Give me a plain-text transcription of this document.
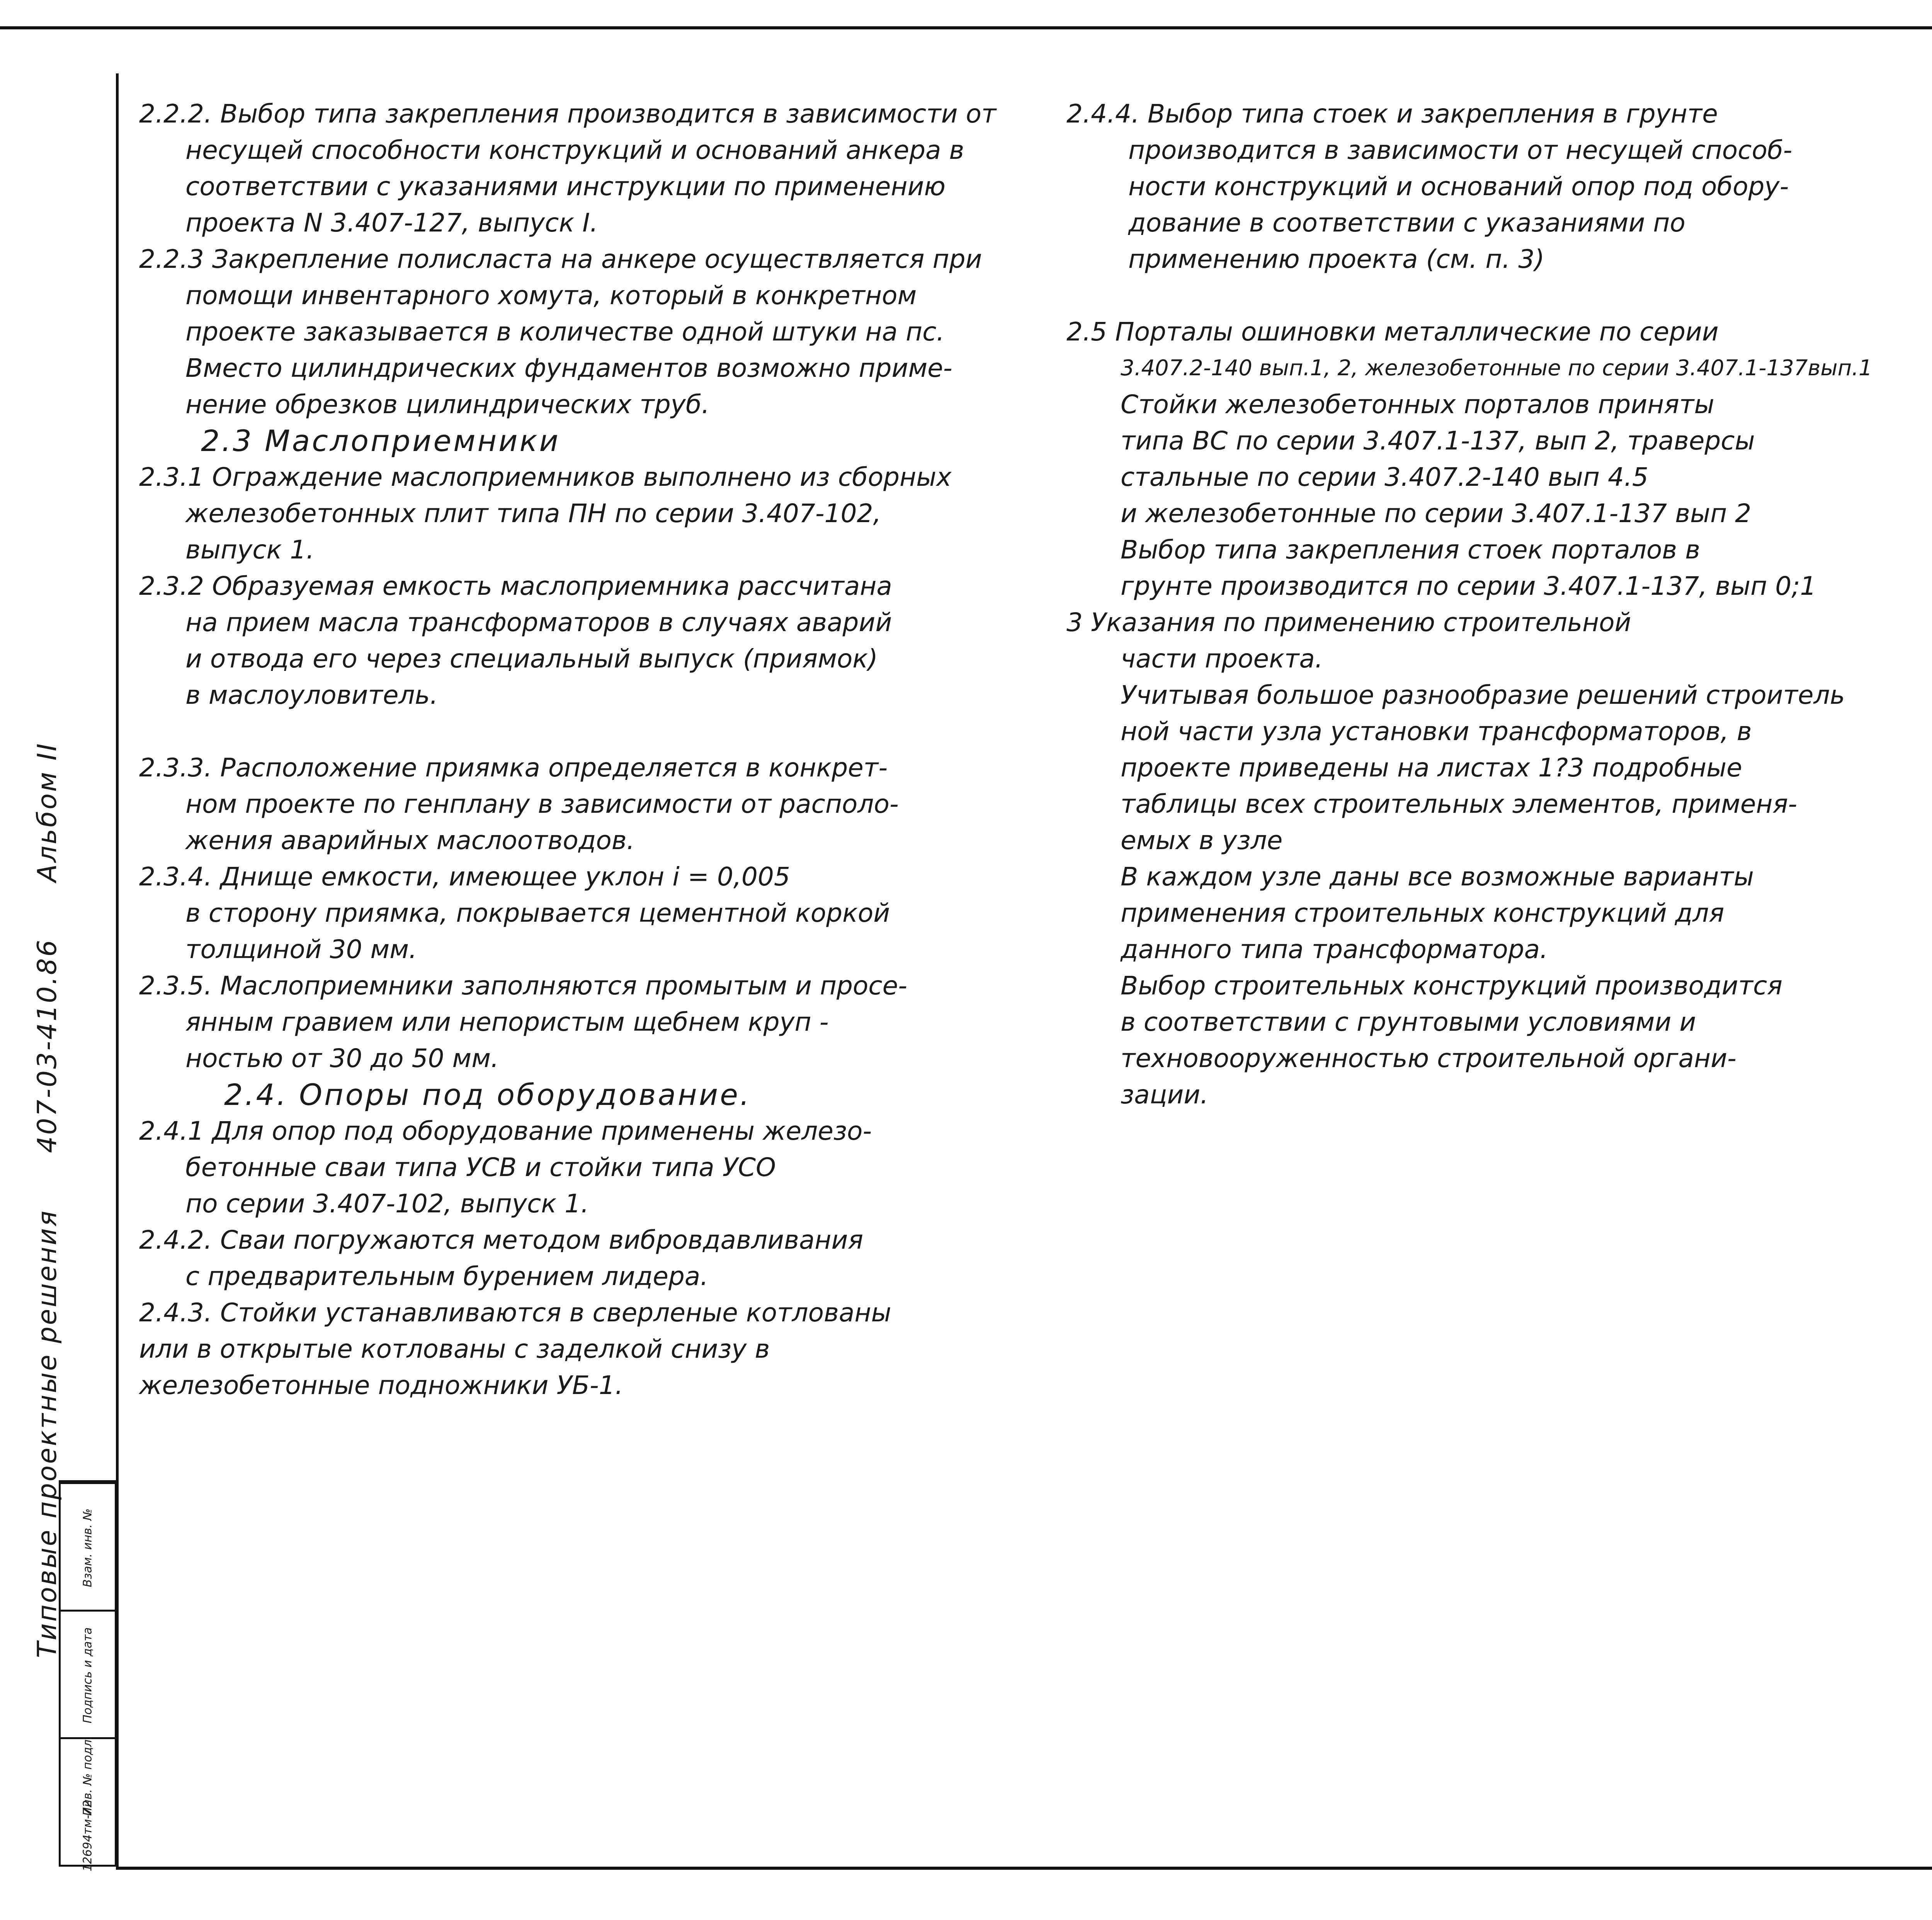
Типовые проектные решения 407-03-410.86 Альбом II
Взам. инв. №
Подпись и дата
Инв. № подл.
12694тм-72

2.2.2. Выбор типа закрепления производится в зависимости от

несущей способности конструкций и оснований анкера в

соответствии с указаниями инструкции по применению

проекта N 3.407-127, выпуск I.

2.2.3 Закрепление полисласта на анкере осуществляется при

помощи инвентарного хомута, который в конкретном

проекте заказывается в количестве одной штуки на пс.

Вместо цилиндрических фундаментов возможно приме-

нение обрезков цилиндрических труб.

2.3 Маслоприемники

2.3.1 Ограждение маслоприемников выполнено из сборных

железобетонных плит типа ПН по серии 3.407-102,

выпуск 1.

2.3.2 Образуемая емкость маслоприемника рассчитана

на прием масла трансформаторов в случаях аварий

и отвода его через специальный выпуск (приямок)

в маслоуловитель.

2.3.3. Расположение приямка определяется в конкрет-

ном проекте по генплану в зависимости от располо-

жения аварийных маслоотводов.

2.3.4. Днище емкости, имеющее уклон i = 0,005

в сторону приямка, покрывается цементной коркой

толщиной 30 мм.

2.3.5. Маслоприемники заполняются промытым и просе-

янным гравием или непористым щебнем круп -

ностью от 30 до 50 мм.

2.4. Опоры под оборудование.

2.4.1 Для опор под оборудование применены железо-

бетонные сваи типа УСВ и стойки типа УСО

по серии 3.407-102, выпуск 1.

2.4.2. Сваи погружаются методом вибровдавливания

с предварительным бурением лидера.

2.4.3. Стойки устанавливаются в сверленые котлованы

или в открытые котлованы с заделкой снизу в

железобетонные подножники УБ-1.

2.4.4. Выбор типа стоек и закрепления в грунте

производится в зависимости от несущей способ-

ности конструкций и оснований опор под обору-

дование в соответствии с указаниями по

применению проекта (см. п. 3)

2.5 Порталы ошиновки металлические по серии

3.407.2-140 вып.1, 2, железобетонные по серии 3.407.1-137вып.1

Стойки железобетонных порталов приняты

типа ВС по серии 3.407.1-137, вып 2, траверсы

стальные по серии 3.407.2-140 вып 4.5

и железобетонные по серии 3.407.1-137 вып 2

Выбор типа закрепления стоек порталов в

грунте производится по серии 3.407.1-137, вып 0;1

3 Указания по применению строительной

части проекта.

Учитывая большое разнообразие решений строитель

ной части узла установки трансформаторов, в

проекте приведены на листах 1?3 подробные

таблицы всех строительных элементов, применя-

емых в узле

В каждом узле даны все возможные варианты

применения строительных конструкций для

данного типа трансформатора.

Выбор строительных конструкций производится

в соответствии с грунтовыми условиями и

техновооруженностью строительной органи-

зации.
